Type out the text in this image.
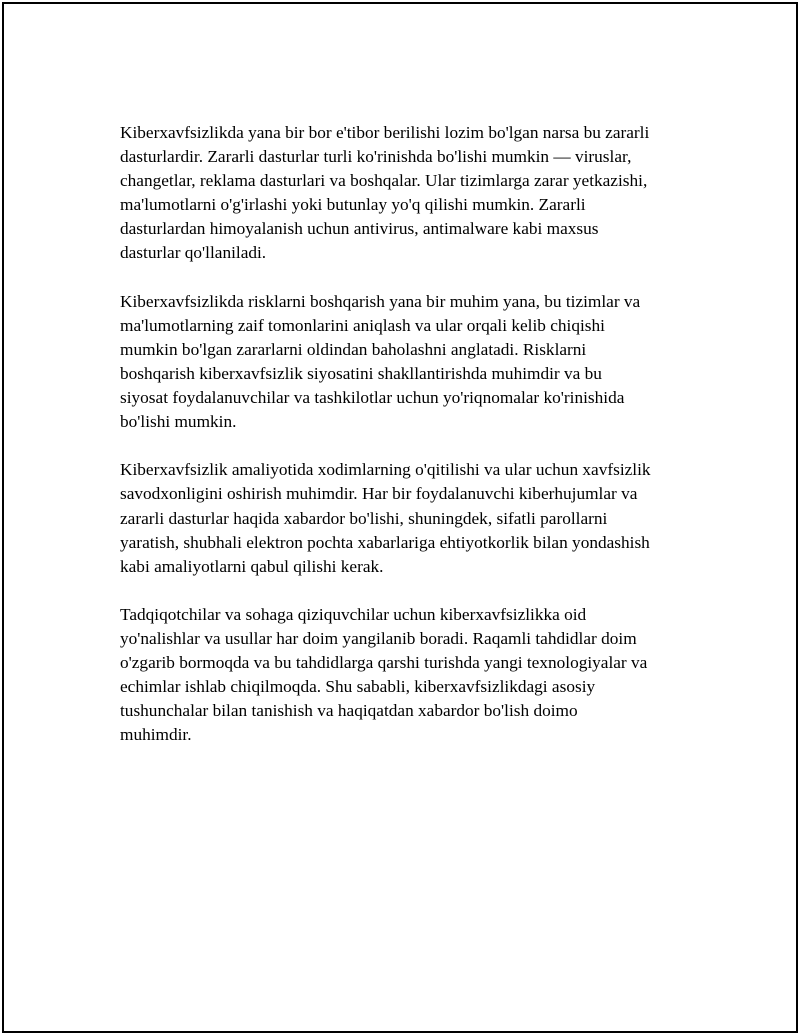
Kiberxavfsizlikda yana bir bor e'tibor berilishi lozim bo'lgan narsa bu zararli
dasturlardir. Zararli dasturlar turli ko'rinishda bo'lishi mumkin — viruslar,
changetlar, reklama dasturlari va boshqalar. Ular tizimlarga zarar yetkazishi,
ma'lumotlarni o'g'irlashi yoki butunlay yo'q qilishi mumkin. Zararli
dasturlardan himoyalanish uchun antivirus, antimalware kabi maxsus
dasturlar qo'llaniladi.

Kiberxavfsizlikda risklarni boshqarish yana bir muhim yana, bu tizimlar va
ma'lumotlarning zaif tomonlarini aniqlash va ular orqali kelib chiqishi
mumkin bo'lgan zararlarni oldindan baholashni anglatadi. Risklarni
boshqarish kiberxavfsizlik siyosatini shakllantirishda muhimdir va bu
siyosat foydalanuvchilar va tashkilotlar uchun yo'riqnomalar ko'rinishida
bo'lishi mumkin.

Kiberxavfsizlik amaliyotida xodimlarning o'qitilishi va ular uchun xavfsizlik
savodxonligini oshirish muhimdir. Har bir foydalanuvchi kiberhujumlar va
zararli dasturlar haqida xabardor bo'lishi, shuningdek, sifatli parollarni
yaratish, shubhali elektron pochta xabarlariga ehtiyotkorlik bilan yondashish
kabi amaliyotlarni qabul qilishi kerak.

Tadqiqotchilar va sohaga qiziquvchilar uchun kiberxavfsizlikka oid
yo'nalishlar va usullar har doim yangilanib boradi. Raqamli tahdidlar doim
o'zgarib bormoqda va bu tahdidlarga qarshi turishda yangi texnologiyalar va
echimlar ishlab chiqilmoqda. Shu sababli, kiberxavfsizlikdagi asosiy
tushunchalar bilan tanishish va haqiqatdan xabardor bo'lish doimo
muhimdir.
